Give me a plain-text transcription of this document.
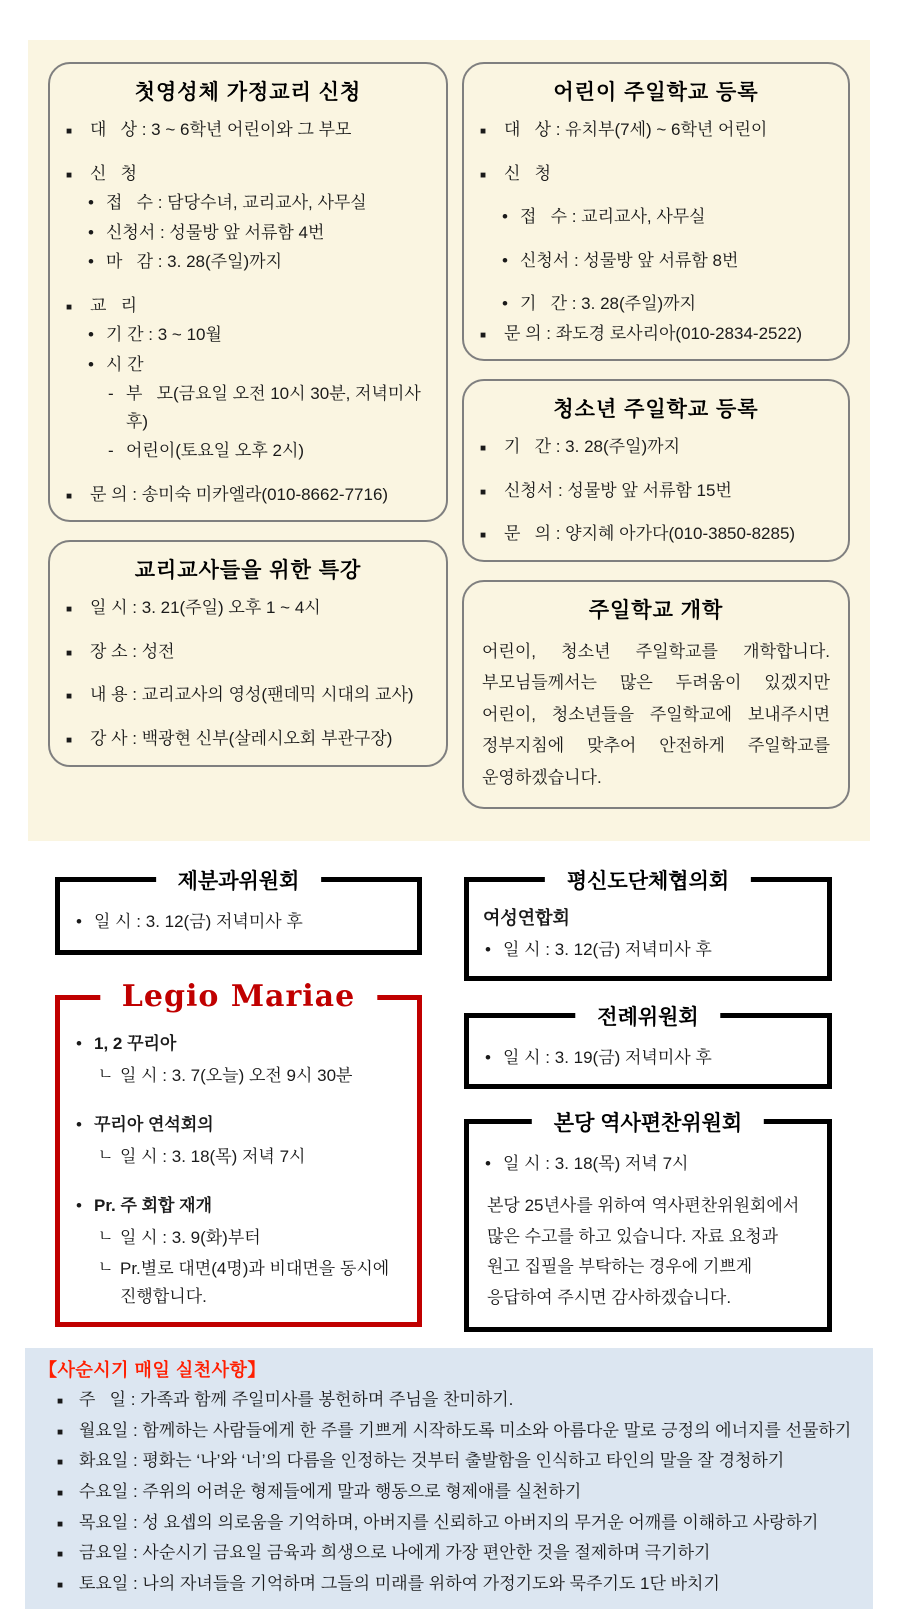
첫영성체 가정교리 신청
■	대   상 : 3 ~ 6학년 어린이와 그 부모
■	신   청
• 접   수 : 담당수녀, 교리교사, 사무실
• 신청서 : 성물방 앞 서류함 4번
• 마   감 : 3. 28(주일)까지
■	교   리
• 기 간 : 3 ~ 10월
• 시 간
- 부   모(금요일 오전 10시 30분, 저녁미사 후)
- 어린이(토요일 오후 2시)
■	문 의 : 송미숙 미카엘라(010-8662-7716)
교리교사들을 위한 특강
■	일 시 : 3. 21(주일) 오후 1 ~ 4시
■	장 소 : 성전
■	내 용 : 교리교사의 영성(팬데믹 시대의 교사)
■	강 사 : 백광현 신부(살레시오회 부관구장)
어린이 주일학교 등록
■	대   상 : 유치부(7세) ~ 6학년 어린이
■	신   청
• 접   수 : 교리교사, 사무실
• 신청서 : 성물방 앞 서류함 8번
• 기   간 : 3. 28(주일)까지
■	문 의 : 좌도경 로사리아(010-2834-2522)
청소년 주일학교 등록
■	기   간 : 3. 28(주일)까지
■	신청서 : 성물방 앞 서류함 15번
■	문   의 : 양지혜 아가다(010-3850-8285)
주일학교 개학
어린이, 청소년 주일학교를 개학합니다. 부모님들께서는 많은 두려움이 있겠지만 어린이, 청소년들을 주일학교에 보내주시면 정부지침에 맞추어 안전하게 주일학교를 운영하겠습니다.
제분과위원회
• 일 시 : 3. 12(금) 저녁미사 후
Legio Mariae
• 1, 2 꾸리아
ㄴ 일 시 : 3. 7(오늘) 오전 9시 30분
• 꾸리아 연석회의
ㄴ 일 시 : 3. 18(목) 저녁 7시
• Pr. 주 회합 재개
ㄴ 일 시 : 3. 9(화)부터
ㄴ Pr.별로 대면(4명)과 비대면을 동시에 진행합니다.
평신도단체협의회
여성연합회
• 일 시 : 3. 12(금) 저녁미사 후
전례위원회
• 일 시 : 3. 19(금) 저녁미사 후
본당 역사편찬위원회
• 일 시 : 3. 18(목) 저녁 7시
본당 25년사를 위하여 역사편찬위원회에서 많은 수고를 하고 있습니다. 자료 요청과 원고 집필을 부탁하는 경우에 기쁘게 응답하여 주시면 감사하겠습니다.
【사순시기 매일 실천사항】
■ 주   일 : 가족과 함께 주일미사를 봉헌하며 주님을 찬미하기.
■ 월요일 : 함께하는 사람들에게 한 주를 기쁘게 시작하도록 미소와 아름다운 말로 긍정의 에너지를 선물하기
■ 화요일 : 평화는 ‘나’와 ‘너’의 다름을 인정하는 것부터 출발함을 인식하고 타인의 말을 잘 경청하기
■ 수요일 : 주위의 어려운 형제들에게 말과 행동으로 형제애를 실천하기
■ 목요일 : 성 요셉의 의로움을 기억하며, 아버지를 신뢰하고 아버지의 무거운 어깨를 이해하고 사랑하기
■ 금요일 : 사순시기 금요일 금육과 희생으로 나에게 가장 편안한 것을 절제하며 극기하기
■ 토요일 : 나의 자녀들을 기억하며 그들의 미래를 위하여 가정기도와 묵주기도 1단 바치기
